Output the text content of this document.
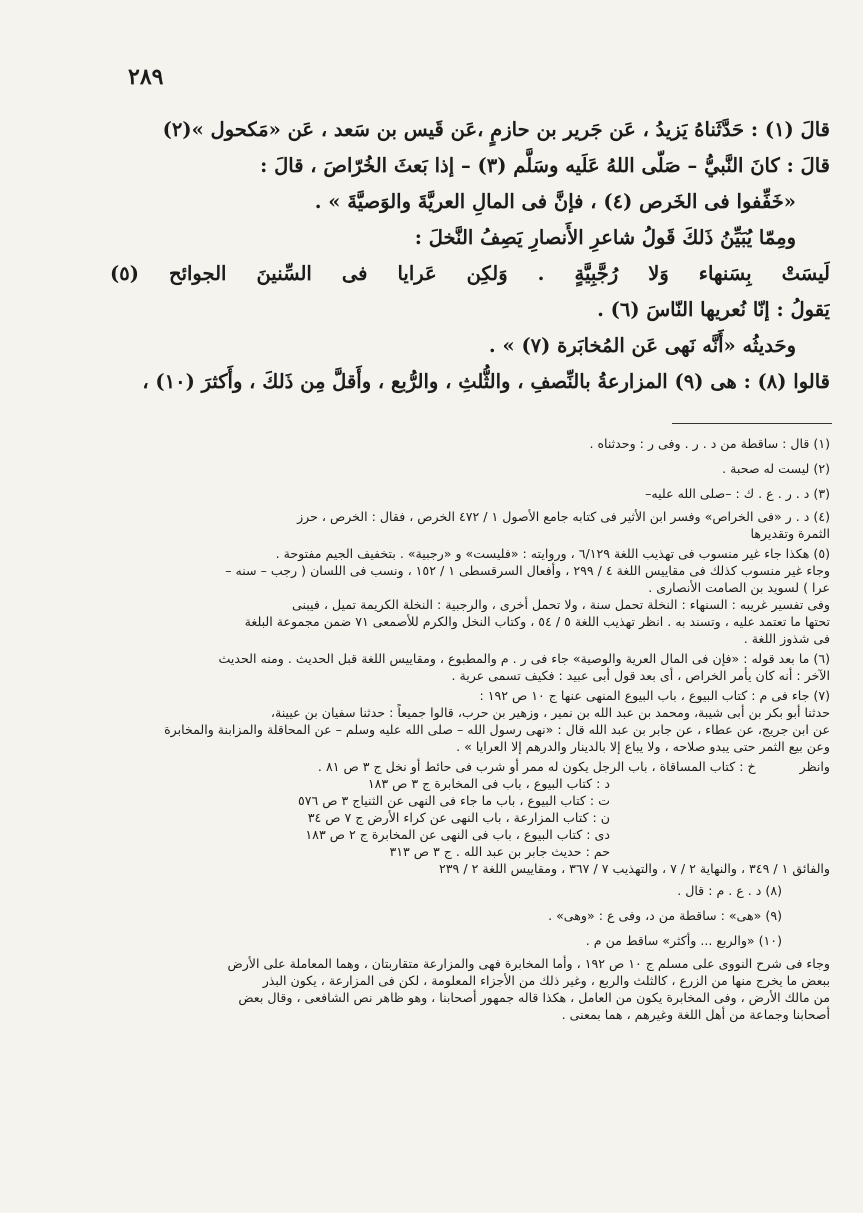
٢٨٩
قالَ (١) : حَدَّثَناهُ يَزيدُ ، عَن جَرير بن حازمٍ ،عَن قَيس بن سَعد ، عَن «مَكحول »(٢)
قالَ : كانَ النَّبيُّ – صَلّى اللهُ عَلَيه وسَلَّم (٣) – إذا بَعثَ الخُرّاصَ ، قالَ :
«خَفِّفوا فى الخَرص (٤) ، فإنَّ فى المالِ العريَّةَ والوَصيَّةَ » .
ومِمّا يُبَيِّنُ ذَلكَ قَولُ شاعرِ الأَنصارِ يَصِفُ النَّخلَ :
لَيسَتْ بِسَنهاء وَلا رُجَّبِيَّةٍ . وَلكِن عَرايا فى السِّنينَ الجوائح (٥)
يَقولُ : إنّا نُعريها النّاسَ (٦) .
وحَديثُه «أَنَّه نَهى عَن المُخابَرة (٧) » .
قالوا (٨) : هى (٩) المزارعةُ بالنِّصفِ ، والثُّلثِ ، والرُّبع ، وأَقلَّ مِن ذَلكَ ، وأَكثرَ (١٠) ،
(١) قال : ساقطة من د . ر . وفى ر : وحدثناه .
(٢) ليست له صحبة .
(٣) د . ر . ع . ك : –صلى الله عليه–
(٤) د . ر «فى الخراص» وفسر ابن الأثير فى كتابه جامع الأصول ١ / ٤٧٢ الخرص ، فقال : الخرص ، حرز
الثمرة وتقديرها
(٥) هكذا جاء غير منسوب فى تهذيب اللغة ٦/١٢٩ ، وروايته : «فليست» و «رجبية» . بتخفيف الجيم مفتوحة .
وجاء غير منسوب كذلك فى مقاييس اللغة ٤ / ٢٩٩ ، وأفعال السرقسطى ١ / ١٥٢ ، ونسب فى اللسان ( رجب – سنه –
عرا ) لسويد بن الصامت الأنصارى .
وفى تفسير غريبه : السنهاء : النخلة تحمل سنة ، ولا تحمل أخرى ، والرجبية : النخلة الكريمة تميل ، فيبنى
تحتها ما تعتمد عليه ، وتسند به . انظر تهذيب اللغة ٥ / ٥٤ ، وكتاب النخل والكرم للأصمعى ٧١ ضمن مجموعة البلغة
فى شذوز اللغة .
(٦) ما بعد قوله : «فإن فى المال العرية والوصية» جاء فى ر . م والمطبوع ، ومقاييس اللغة قبل الحديث . ومنه الحديث
الآخر : أنه كان يأمر الخراص ، أى بعد قول أبى عبيد : فكيف تسمى عرية .
(٧) جاء فى م : كتاب البيوع ، باب البيوع المنهى عنها ج ١٠ ص ١٩٢ :
حدثنا أبو بكر بن أبى شيبة، ومحمد بن عبد الله بن نمير ، وزهير بن حرب، قالوا جميعاً : حدثنا سفيان بن عيينة،
عن ابن جريج، عن عطاء ، عن جابر بن عبد الله قال : «نهى رسول الله – صلى الله عليه وسلم – عن المحاقلة والمزابنة والمخابرة
وعن بيع الثمر حتى يبدو صلاحه ، ولا يباع إلا بالدينار والدرهم إلا العرايا » .
وانظر خ : كتاب المساقاة ، باب الرجل يكون له ممر أو شرب فى حائط أو نخل ج ٣ ص ٨١ .
د : كتاب البيوع ، باب فى المخابرة ج ٣ ص ١٨٣
ت : كتاب البيوع ، باب ما جاء فى النهى عن الثنياج ٣ ص ٥٧٦
ن : كتاب المزارعة ، باب النهى عن كراء الأرض ج ٧ ص ٣٤
دى : كتاب البيوع ، باب فى النهى عن المخابرة ج ٢ ص ١٨٣
حم : حديث جابر بن عبد الله . ج ٣ ص ٣١٣
والفائق ١ / ٣٤٩ ، والنهاية ٢ / ٧ ، والتهذيب ٧ / ٣٦٧ ، ومقاييس اللغة ٢ / ٢٣٩
(٨) د . ع . م : قال .
(٩) «هى» : ساقطة من د، وفى ع : «وهى» .
(١٠) «والربع ... وأكثر» ساقط من م .
وجاء فى شرح النووى على مسلم ج ١٠ ص ١٩٢ ، وأما المخابرة فهى والمزارعة متقاربتان ، وهما المعاملة على الأرض
ببعض ما يخرج منها من الزرع ، كالثلث والربع ، وغير ذلك من الأجزاء المعلومة ، لكن فى المزارعة ، يكون البذر
من مالك الأرض ، وفى المخابرة يكون من العامل ، هكذا قاله جمهور أصحابنا ، وهو ظاهر نص الشافعى ، وقال بعض
أصحابنا وجماعة من أهل اللغة وغيرهم ، هما بمعنى .
